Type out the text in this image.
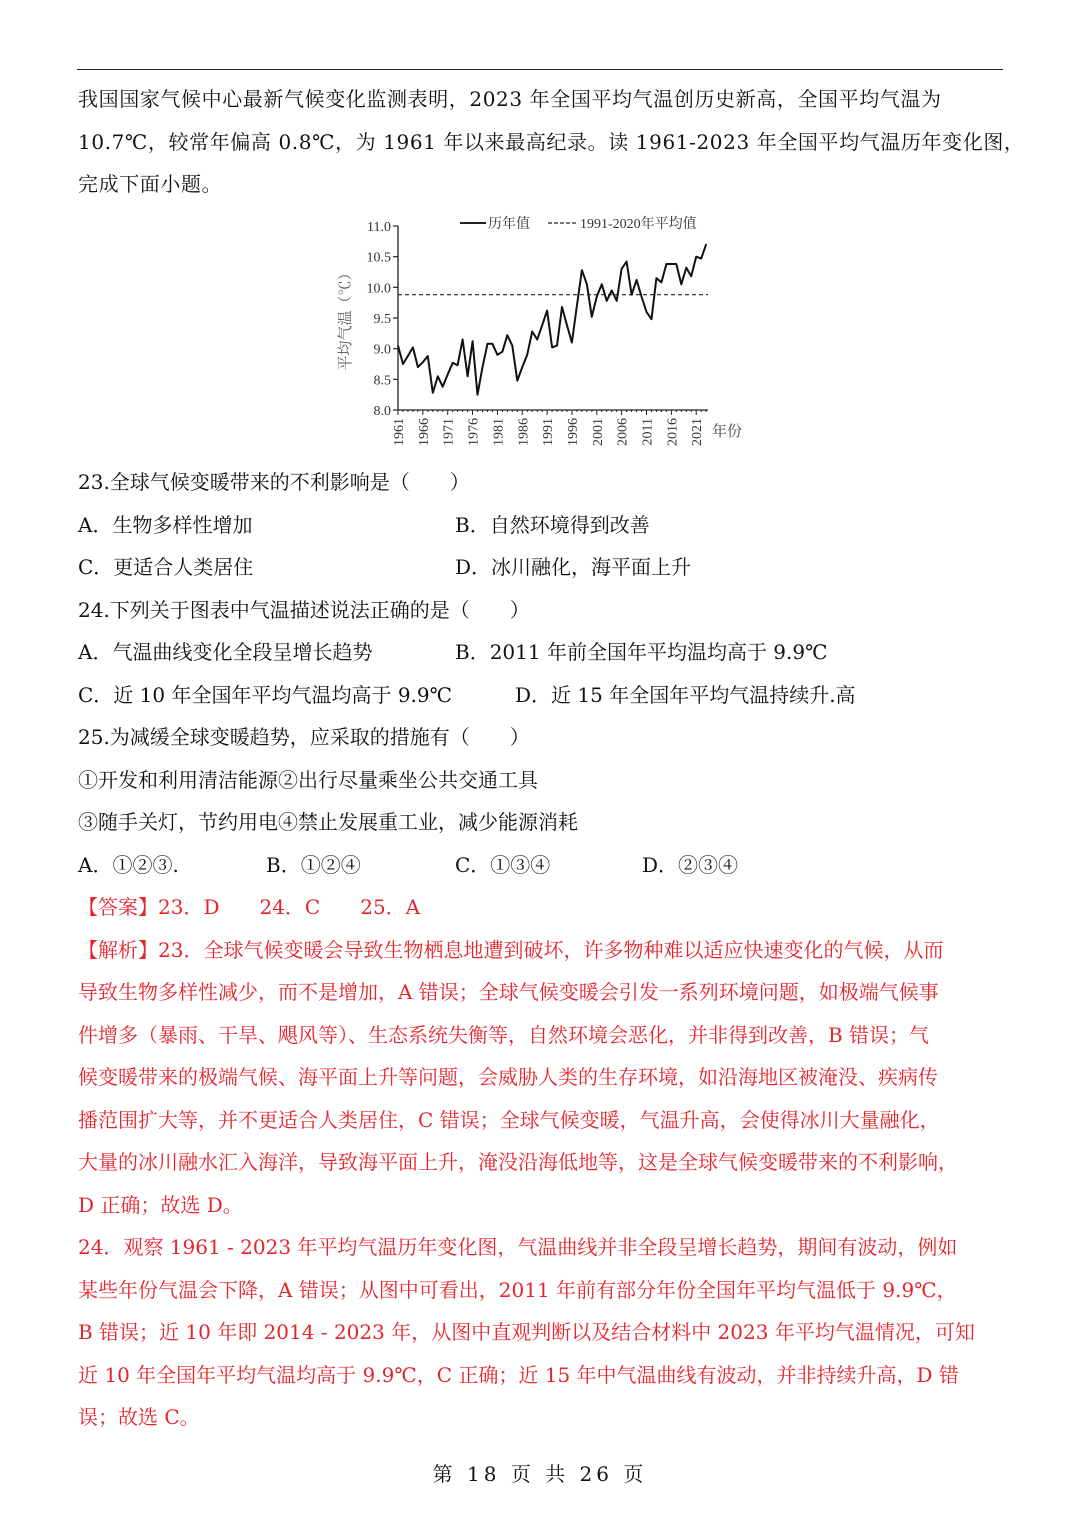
我国国家气候中心最新气候变化监测表明，2023 年全国平均气温创历史新高，全国平均气温为
10.7℃，较常年偏高 0.8℃，为 1961 年以来最高纪录。读 1961-2023 年全国平均气温历年变化图，
完成下面小题。
平均气温（℃）
年份
历年值	1991-2020年平均值
8.0
8.5
9.0
9.5
10.0
10.5
11.0
1961 1966 1971 1976 1981 1986 1991 1996 2001 2006 2011 2016 2021
23.全球气候变暖带来的不利影响是（　　）
A．生物多样性增加	B．自然环境得到改善
C．更适合人类居住	D．冰川融化，海平面上升
24.下列关于图表中气温描述说法正确的是（　　）
A．气温曲线变化全段呈增长趋势	B．2011 年前全国年平均温均高于 9.9℃
C．近 10 年全国年平均气温均高于 9.9℃	D．近 15 年全国年平均气温持续升.高
25.为减缓全球变暖趋势，应采取的措施有（　　）
①开发和利用清洁能源②出行尽量乘坐公共交通工具
③随手关灯，节约用电④禁止发展重工业，减少能源消耗
A．①②③.	B．①②④	C．①③④	D．②③④
【答案】23．D　　24．C　　25．A
【解析】23．全球气候变暖会导致生物栖息地遭到破坏，许多物种难以适应快速变化的气候，从而
导致生物多样性减少，而不是增加，A 错误；全球气候变暖会引发一系列环境问题，如极端气候事
件增多（暴雨、干旱、飓风等）、生态系统失衡等，自然环境会恶化，并非得到改善，B 错误；气
候变暖带来的极端气候、海平面上升等问题，会威胁人类的生存环境，如沿海地区被淹没、疾病传
播范围扩大等，并不更适合人类居住，C 错误；全球气候变暖，气温升高，会使得冰川大量融化，
大量的冰川融水汇入海洋，导致海平面上升，淹没沿海低地等，这是全球气候变暖带来的不利影响，
D 正确；故选 D。
24．观察 1961 - 2023 年平均气温历年变化图，气温曲线并非全段呈增长趋势，期间有波动，例如
某些年份气温会下降，A 错误；从图中可看出，2011 年前有部分年份全国年平均气温低于 9.9℃，
B 错误；近 10 年即 2014 - 2023 年，从图中直观判断以及结合材料中 2023 年平均气温情况，可知
近 10 年全国年平均气温均高于 9.9℃，C 正确；近 15 年中气温曲线有波动，并非持续升高，D 错
误；故选 C。
第 18 页 共 26 页
